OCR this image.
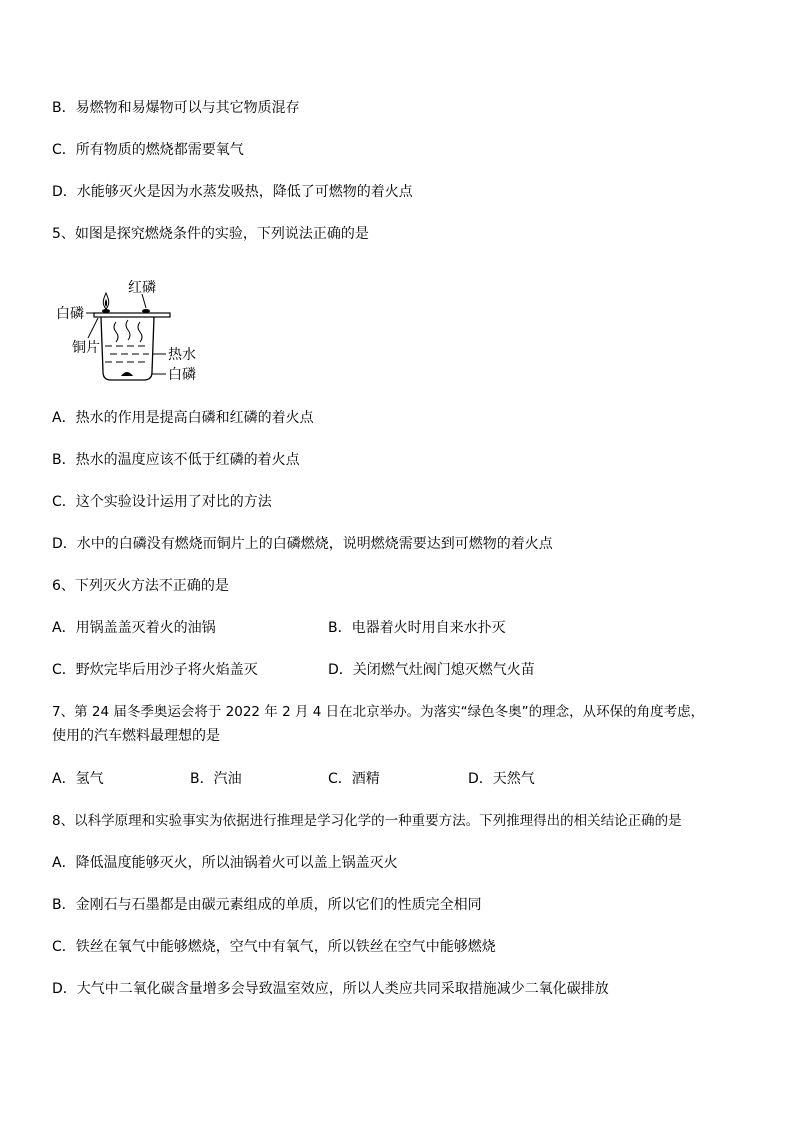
B．易燃物和易爆物可以与其它物质混存
C．所有物质的燃烧都需要氧气
D．水能够灭火是因为水蒸发吸热，降低了可燃物的着火点
5、如图是探究燃烧条件的实验，下列说法正确的是
红磷
白磷
铜片	热水
白磷
A．热水的作用是提高白磷和红磷的着火点
B．热水的温度应该不低于红磷的着火点
C．这个实验设计运用了对比的方法
D．水中的白磷没有燃烧而铜片上的白磷燃烧，说明燃烧需要达到可燃物的着火点
6、下列灭火方法不正确的是
A．用锅盖盖灭着火的油锅	B．电器着火时用自来水扑灭
C．野炊完毕后用沙子将火焰盖灭	D．关闭燃气灶阀门熄灭燃气火苗
7、第 24 届冬季奥运会将于 2022 年 2 月 4 日在北京举办。为落实“绿色冬奥”的理念，从环保的角度考虑，
使用的汽车燃料最理想的是
A．氢气	B．汽油	C．酒精	D．天然气
8、以科学原理和实验事实为依据进行推理是学习化学的一种重要方法。下列推理得出的相关结论正确的是
A．降低温度能够灭火，所以油锅着火可以盖上锅盖灭火
B．金刚石与石墨都是由碳元素组成的单质，所以它们的性质完全相同
C．铁丝在氧气中能够燃烧，空气中有氧气，所以铁丝在空气中能够燃烧
D．大气中二氧化碳含量增多会导致温室效应，所以人类应共同采取措施减少二氧化碳排放
